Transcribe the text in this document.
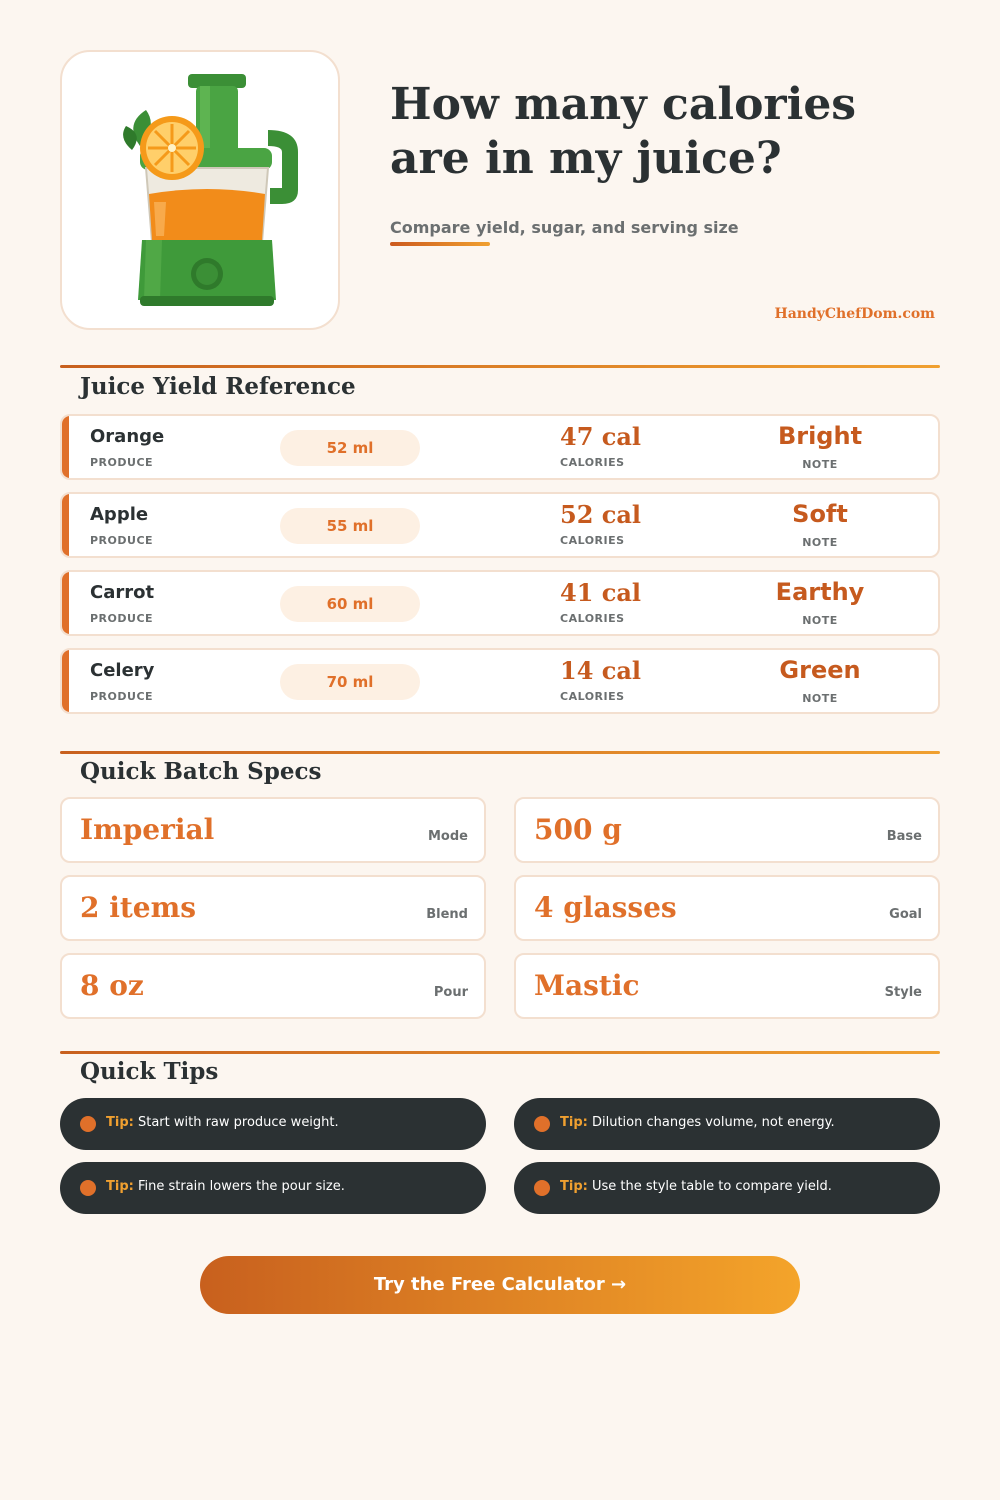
How many calories
are in my juice?
Compare yield, sugar, and serving size
HandyChefDom.com
Juice Yield Reference
Orange
PRODUCE
52 ml	47 cal
CALORIES
Bright
NOTE
Apple
PRODUCE
55 ml	52 cal
CALORIES
Soft
NOTE
Carrot
PRODUCE
60 ml	41 cal
CALORIES
Earthy
NOTE
Celery
PRODUCE
70 ml	14 cal
CALORIES
Green
NOTE
Quick Batch Specs
Imperial	Mode 500 g	Base
2 items	Blend 4 glasses	Goal
8 oz	Pour Mastic	Style
Quick Tips
Tip: Start with raw produce weight.	Tip: Dilution changes volume, not energy.
Tip: Fine strain lowers the pour size.	Tip: Use the style table to compare yield.
Try the Free Calculator →
